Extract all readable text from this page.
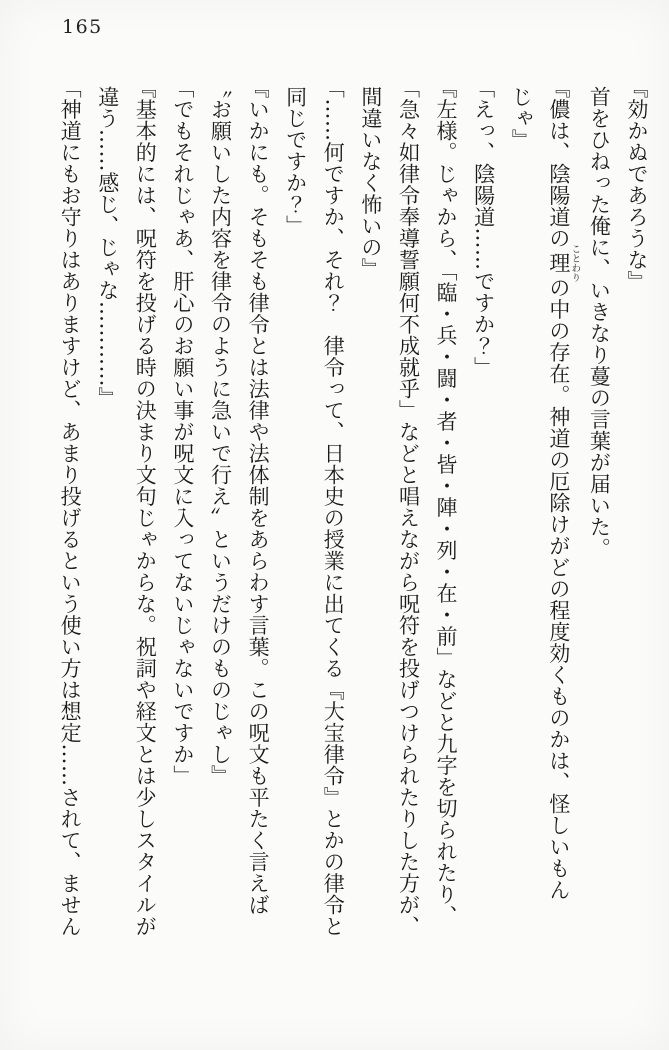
165
『効かぬであろうな』
首をひねった俺に、いきなり蔓の言葉が届いた。
『儂は、陰陽道の理ことわりの中の存在。神道の厄除けがどの程度効くものかは、怪しいもん
じゃ』
「えっ、陰陽道……ですか？」
『左様。じゃから、「臨・兵・闘・者・皆・陣・列・在・前」などと九字を切られたり、
「急々如律令奉導誓願何不成就乎」などと唱えながら呪符を投げつけられたりした方が、
間違いなく怖いの』
「……何ですか、それ？　律令って、日本史の授業に出てくる『大宝律令』とかの律令と
同じですか？」
『いかにも。そもそも律令とは法律や法体制をあらわす言葉。この呪文も平たく言えば
〝お願いした内容を律令のように急いで行え〟というだけのものじゃし』
「でもそれじゃあ、肝心のお願い事が呪文に入ってないじゃないですか」
『基本的には、呪符を投げる時の決まり文句じゃからな。祝詞や経文とは少しスタイルが
違う……感じ、じゃな…………』
「神道にもお守りはありますけど、あまり投げるという使い方は想定……されて、ません
